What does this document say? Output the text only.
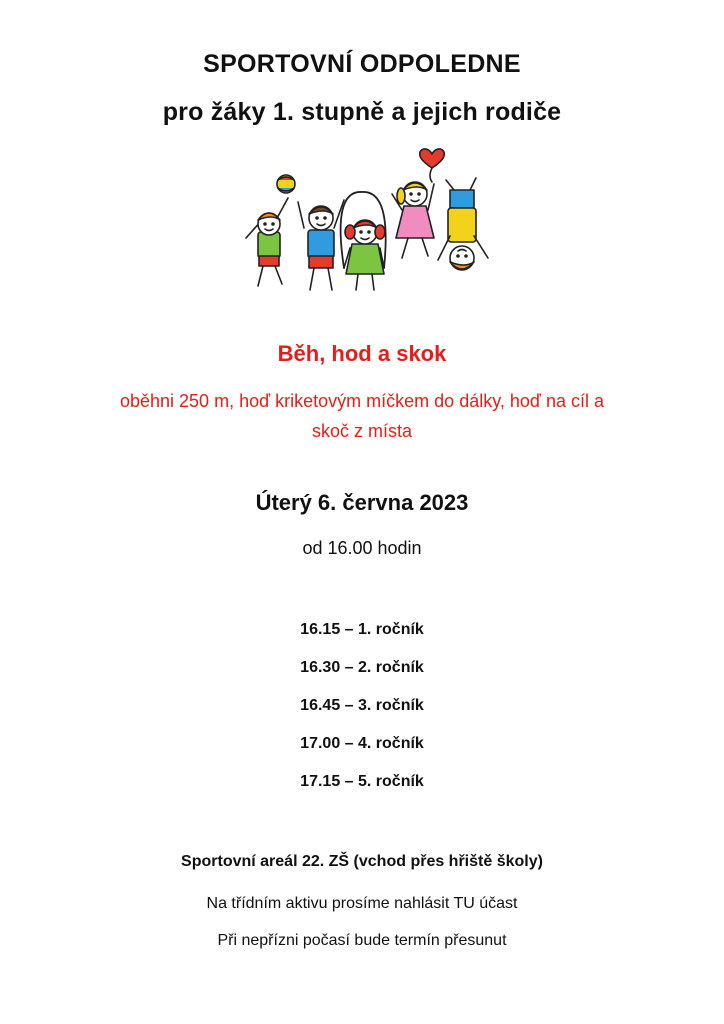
SPORTOVNÍ ODPOLEDNE
pro žáky 1. stupně a jejich rodiče
Běh, hod a skok
oběhni 250 m, hoď kriketovým míčkem do dálky, hoď na cíl a
skoč z místa
Úterý 6. června 2023
od 16.00 hodin
16.15 – 1. ročník
16.30 – 2. ročník
16.45 – 3. ročník
17.00 – 4. ročník
17.15 – 5. ročník
Sportovní areál 22. ZŠ (vchod přes hřiště školy)
Na třídním aktivu prosíme nahlásit TU účast
Při nepřízni počasí bude termín přesunut
